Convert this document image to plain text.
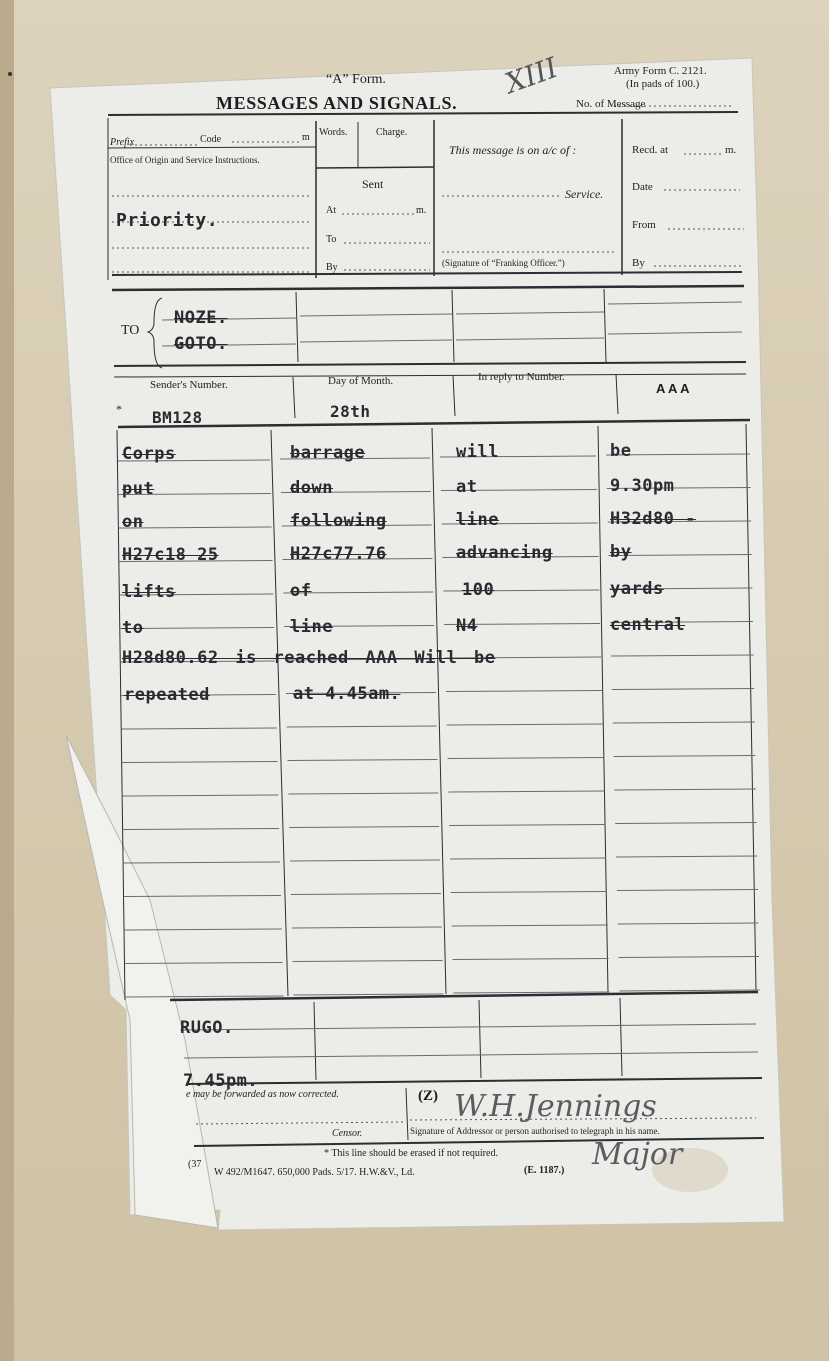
“A” Form.
MESSAGES AND SIGNALS.
Army Form C. 2121.
(In pads of 100.)
No. of Message
XIII
Prefix	Code	m
Office of Origin and Service Instructions.
Priority.
Words.	Charge.
Sent
At	m.
To
By
This message is on a/c of :
Service.
(Signature of “Franking Officer.”)
Recd. at	m.
Date
From
By
TO
NOZE.
GOTO.
Sender's Number.	Day of Month.	In reply to Number.
A A A
* BM128	28th
Corps	barrage	will	be
put	down	at	9.30pm
on	following	line	H32d80 -
H27c18 25	H27c77.76	advancing	by
lifts	of	100	yards
to	line	N4	central
H28d80.62 is reached AAA Will be
repeated	at 4.45am.
RUGO.
7.45pm.
e may be forwarded as now corrected.	(Z)
Censor.	Signature of Addressor or person authorised to telegraph in his name.
* This line should be erased if not required.
(37
W 492/M1647. 650,000 Pads. 5/17. H.W.&V., Ld.	(E. 1187.)
W.H.Jennings
Major
